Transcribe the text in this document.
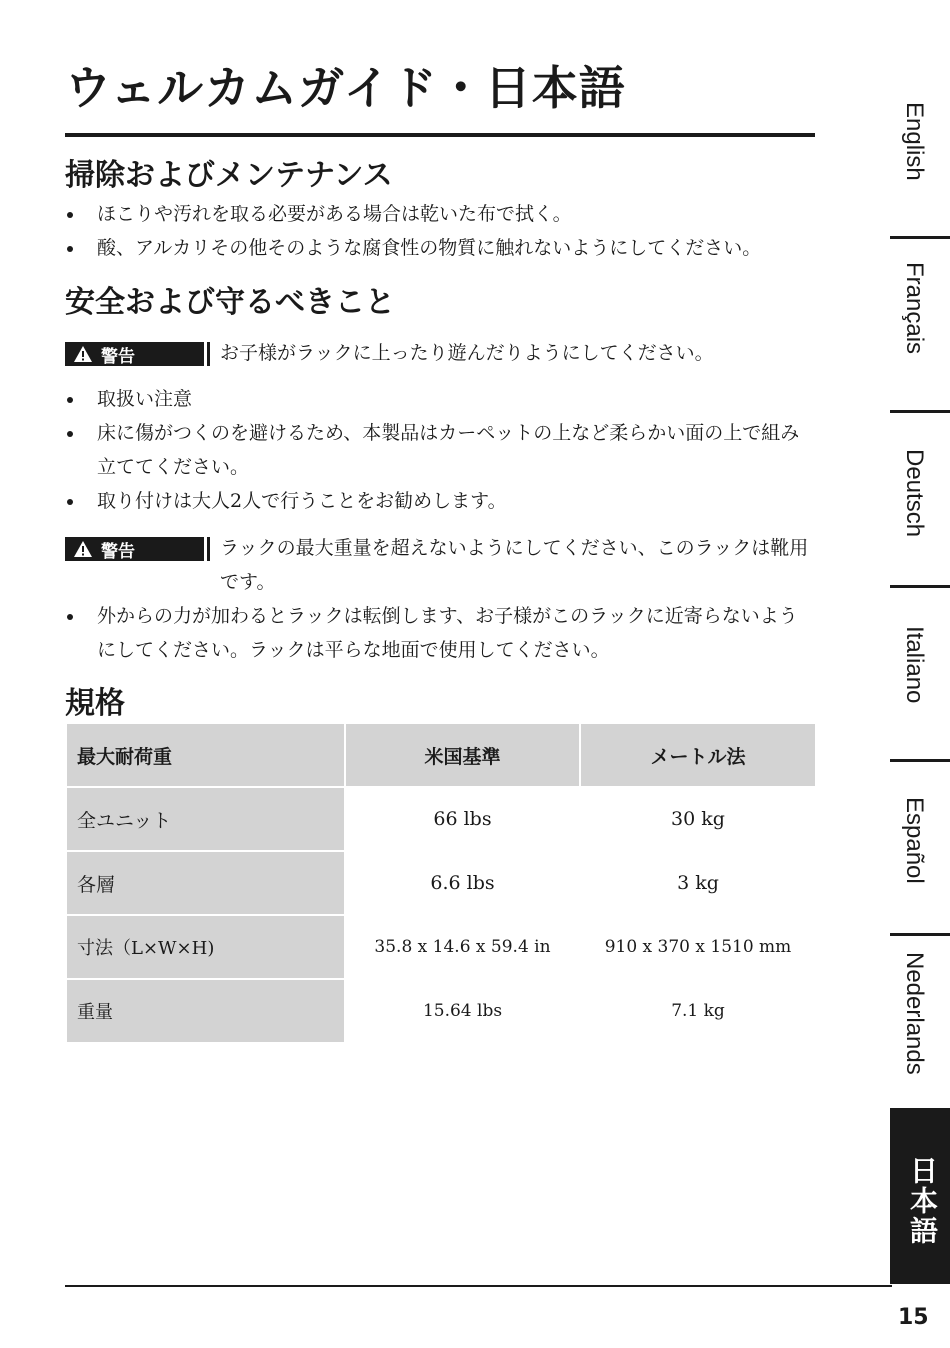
ウェルカムガイド・日本語
掃除およびメンテナンス
ほこりや汚れを取る必要がある場合は乾いた布で拭く。
酸、アルカリその他そのような腐食性の物質に触れないようにしてください。
安全および守るべきこと
警告	お子様がラックに上ったり遊んだりようにしてください。
取扱い注意
床に傷がつくのを避けるため、本製品はカーペットの上など柔らかい面の上で組み立ててください。
取り付けは大人2人で行うことをお勧めします。
警告	ラックの最大重量を超えないようにしてください、このラックは靴用です。
外からの力が加わるとラックは転倒します、お子様がこのラックに近寄らないようにしてください。ラックは平らな地面で使用してください。
規格
最大耐荷重	米国基準	メートル法
全ユニット	66 lbs	30 kg
各層	6.6 lbs	3 kg
寸法（L×W×H)	35.8 x 14.6 x 59.4 in	910 x 370 x 1510 mm
重量	15.64 lbs	7.1 kg
English
Français
Deutsch
Italiano
Español
Nederlands
日本語
15
